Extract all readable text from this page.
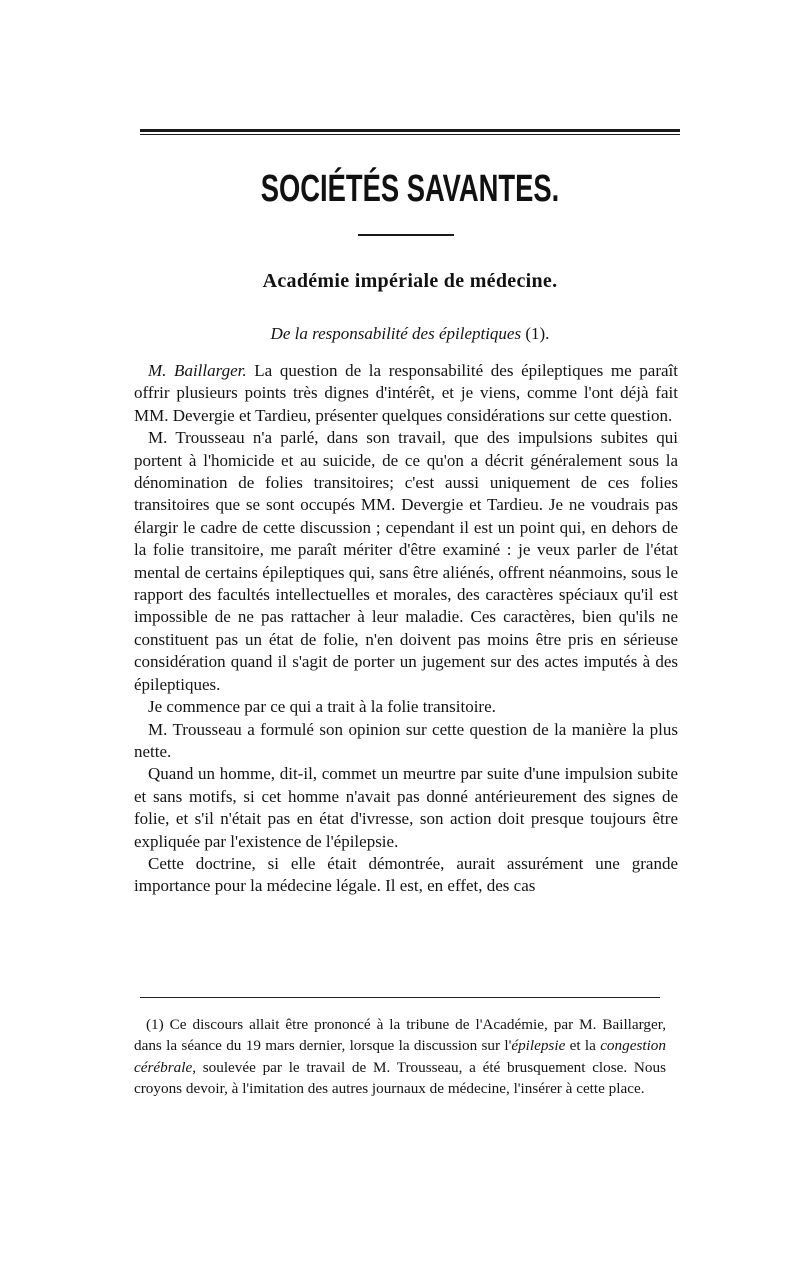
SOCIÉTÉS SAVANTES.
Académie impériale de médecine.
De la responsabilité des épileptiques (1).

M. Baillarger. La question de la responsabilité des épileptiques me paraît offrir plusieurs points très dignes d'intérêt, et je viens, comme l'ont déjà fait MM. Devergie et Tardieu, présenter quelques considérations sur cette question.

M. Trousseau n'a parlé, dans son travail, que des impulsions subites qui portent à l'homicide et au suicide, de ce qu'on a décrit généralement sous la dénomination de folies transitoires; c'est aussi uniquement de ces folies transitoires que se sont occupés MM. Devergie et Tardieu. Je ne voudrais pas élargir le cadre de cette discussion ; cependant il est un point qui, en dehors de la folie transitoire, me paraît mériter d'être examiné : je veux parler de l'état mental de certains épileptiques qui, sans être aliénés, offrent néanmoins, sous le rapport des facultés intellectuelles et morales, des caractères spéciaux qu'il est impossible de ne pas rattacher à leur maladie. Ces caractères, bien qu'ils ne constituent pas un état de folie, n'en doivent pas moins être pris en sérieuse considération quand il s'agit de porter un jugement sur des actes imputés à des épileptiques.

Je commence par ce qui a trait à la folie transitoire.

M. Trousseau a formulé son opinion sur cette question de la manière la plus nette.

Quand un homme, dit-il, commet un meurtre par suite d'une impulsion subite et sans motifs, si cet homme n'avait pas donné antérieurement des signes de folie, et s'il n'était pas en état d'ivresse, son action doit presque toujours être expliquée par l'existence de l'épilepsie.

Cette doctrine, si elle était démontrée, aurait assurément une grande importance pour la médecine légale. Il est, en effet, des cas

(1) Ce discours allait être prononcé à la tribune de l'Académie, par M. Baillarger, dans la séance du 19 mars dernier, lorsque la discussion sur l'épilepsie et la congestion cérébrale, soulevée par le travail de M. Trousseau, a été brusquement close. Nous croyons devoir, à l'imitation des autres journaux de médecine, l'insérer à cette place.
